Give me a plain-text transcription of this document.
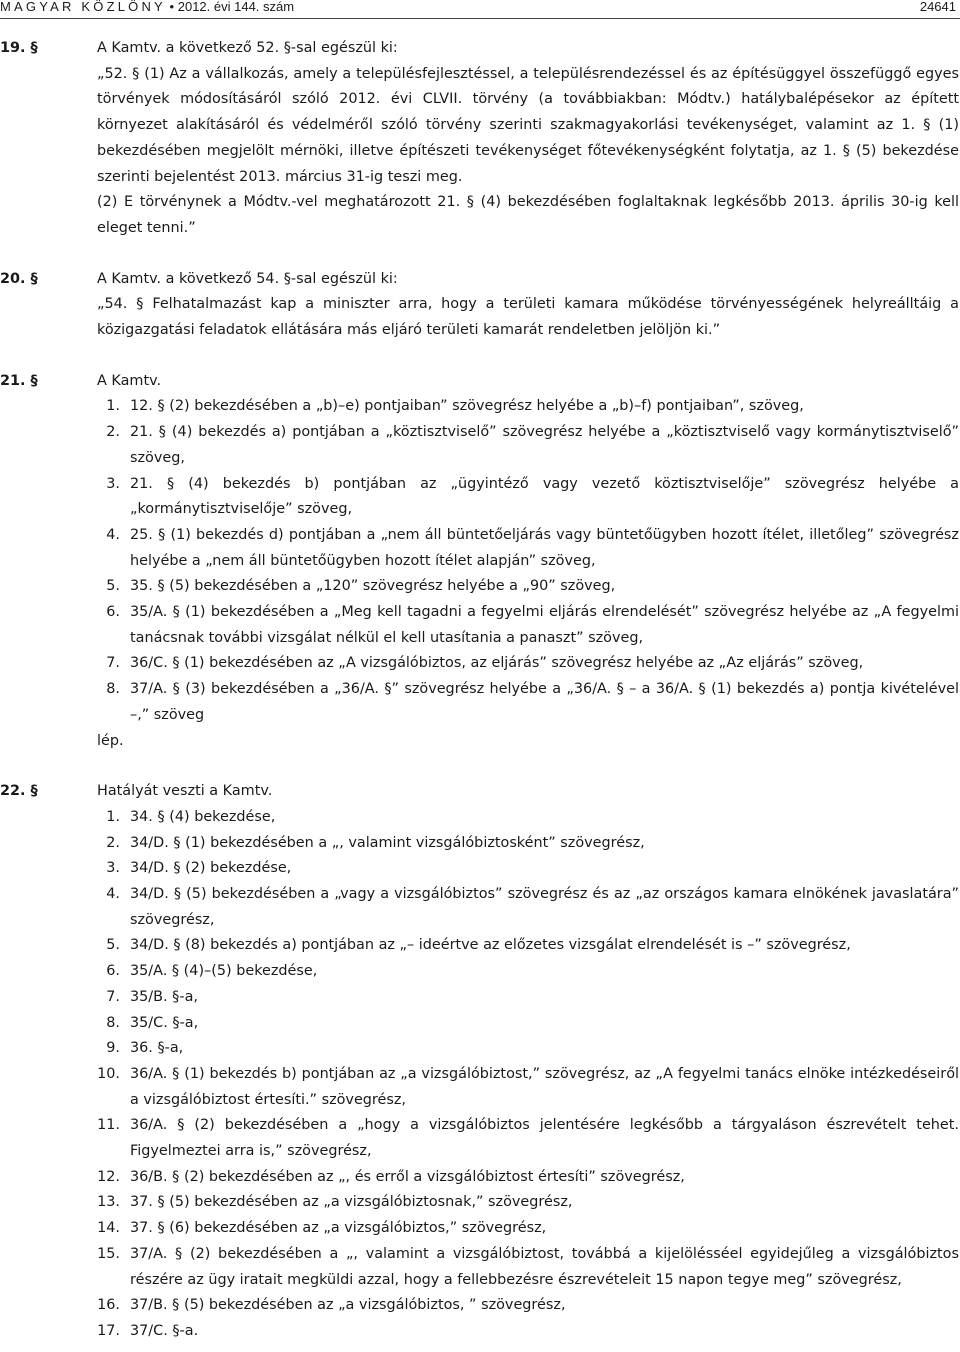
MAGYAR KÖZLÖNY • 2012. évi 144. szám	24641
19. §	A Kamtv. a következő 52. §-sal egészül ki:
„52. § (1) Az a vállalkozás, amely a településfejlesztéssel, a településrendezéssel és az építésüggyel összefüggő egyes törvények módosításáról szóló 2012. évi CLVII. törvény (a továbbiakban: Módtv.) hatálybalépésekor az épített környezet alakításáról és védelméről szóló törvény szerinti szakmagyakorlási tevékenységet, valamint az 1. § (1) bekezdésében megjelölt mérnöki, illetve építészeti tevékenységet főtevékenységként folytatja, az 1. § (5) bekezdése szerinti bejelentést 2013. március 31-ig teszi meg.
(2) E törvénynek a Módtv.-vel meghatározott 21. § (4) bekezdésében foglaltaknak legkésőbb 2013. április 30-ig kell eleget tenni.”
20. §	A Kamtv. a következő 54. §-sal egészül ki:
„54. § Felhatalmazást kap a miniszter arra, hogy a területi kamara működése törvényességének helyreálltáig a közigazgatási feladatok ellátására más eljáró területi kamarát rendeletben jelöljön ki.”
21. §	A Kamtv.
1. 12. § (2) bekezdésében a „b)–e) pontjaiban” szövegrész helyébe a „b)–f) pontjaiban”, szöveg,
2. 21. § (4) bekezdés a) pontjában a „köztisztviselő” szövegrész helyébe a „köztisztviselő vagy kormánytisztviselő” szöveg,
3. 21. § (4) bekezdés b) pontjában az „ügyintéző vagy vezető köztisztviselője” szövegrész helyébe a „kormánytisztviselője” szöveg,
4. 25. § (1) bekezdés d) pontjában a „nem áll büntetőeljárás vagy büntetőügyben hozott ítélet, illetőleg” szövegrész helyébe a „nem áll büntetőügyben hozott ítélet alapján” szöveg,
5. 35. § (5) bekezdésében a „120” szövegrész helyébe a „90” szöveg,
6. 35/A. § (1) bekezdésében a „Meg kell tagadni a fegyelmi eljárás elrendelését” szövegrész helyébe az „A fegyelmi tanácsnak további vizsgálat nélkül el kell utasítania a panaszt” szöveg,
7. 36/C. § (1) bekezdésében az „A vizsgálóbiztos, az eljárás” szövegrész helyébe az „Az eljárás” szöveg,
8. 37/A. § (3) bekezdésében a „36/A. §” szövegrész helyébe a „36/A. § – a 36/A. § (1) bekezdés a) pontja kivételével –,” szöveg
lép.
22. §	Hatályát veszti a Kamtv.
1. 34. § (4) bekezdése,
2. 34/D. § (1) bekezdésében a „, valamint vizsgálóbiztosként” szövegrész,
3. 34/D. § (2) bekezdése,
4. 34/D. § (5) bekezdésében a „vagy a vizsgálóbiztos” szövegrész és az „az országos kamara elnökének javaslatára” szövegrész,
5. 34/D. § (8) bekezdés a) pontjában az „– ideértve az előzetes vizsgálat elrendelését is –” szövegrész,
6. 35/A. § (4)–(5) bekezdése,
7. 35/B. §-a,
8. 35/C. §-a,
9. 36. §-a,
10. 36/A. § (1) bekezdés b) pontjában az „a vizsgálóbiztost,” szövegrész, az „A fegyelmi tanács elnöke intézkedéseiről a vizsgálóbiztost értesíti.” szövegrész,
11. 36/A. § (2) bekezdésében a „hogy a vizsgálóbiztos jelentésére legkésőbb a tárgyaláson észrevételt tehet. Figyelmeztei arra is,” szövegrész,
12. 36/B. § (2) bekezdésében az „, és erről a vizsgálóbiztost értesíti” szövegrész,
13. 37. § (5) bekezdésében az „a vizsgálóbiztosnak,” szövegrész,
14. 37. § (6) bekezdésében az „a vizsgálóbiztos,” szövegrész,
15. 37/A. § (2) bekezdésében a „, valamint a vizsgálóbiztost, továbbá a kijelölésséel egyidejűleg a vizsgálóbiztos részére az ügy iratait megküldi azzal, hogy a fellebbezésre észrevételeit 15 napon tegye meg” szövegrész,
16. 37/B. § (5) bekezdésében az „a vizsgálóbiztos, ” szövegrész,
17. 37/C. §-a.
